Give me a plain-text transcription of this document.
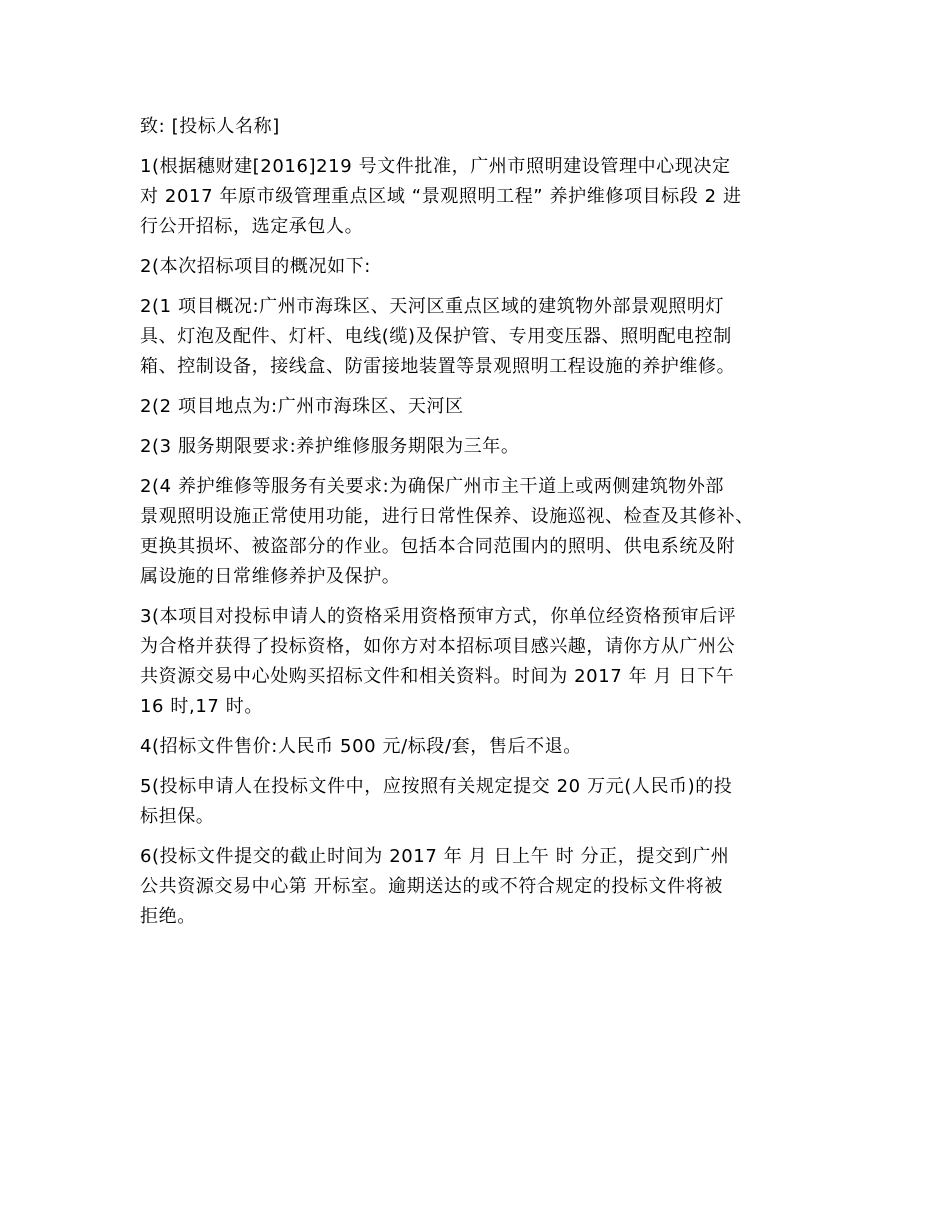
致: [投标人名称]
1(根据穗财建[2016]219 号文件批准，广州市照明建设管理中心现决定
对 2017 年原市级管理重点区域 “景观照明工程” 养护维修项目标段 2 进
行公开招标，选定承包人。
2(本次招标项目的概况如下:
2(1 项目概况:广州市海珠区、天河区重点区域的建筑物外部景观照明灯
具、灯泡及配件、灯杆、电线(缆)及保护管、专用变压器、照明配电控制
箱、控制设备，接线盒、防雷接地装置等景观照明工程设施的养护维修。
2(2 项目地点为:广州市海珠区、天河区
2(3 服务期限要求:养护维修服务期限为三年。
2(4 养护维修等服务有关要求:为确保广州市主干道上或两侧建筑物外部
景观照明设施正常使用功能，进行日常性保养、设施巡视、检查及其修补、
更换其损坏、被盗部分的作业。包括本合同范围内的照明、供电系统及附
属设施的日常维修养护及保护。
3(本项目对投标申请人的资格采用资格预审方式，你单位经资格预审后评
为合格并获得了投标资格，如你方对本招标项目感兴趣，请你方从广州公
共资源交易中心处购买招标文件和相关资料。时间为 2017 年 月 日下午
16 时,17 时。
4(招标文件售价:人民币 500 元/标段/套，售后不退。
5(投标申请人在投标文件中，应按照有关规定提交 20 万元(人民币)的投
标担保。
6(投标文件提交的截止时间为 2017 年 月 日上午 时 分正，提交到广州
公共资源交易中心第 开标室。逾期送达的或不符合规定的投标文件将被
拒绝。
